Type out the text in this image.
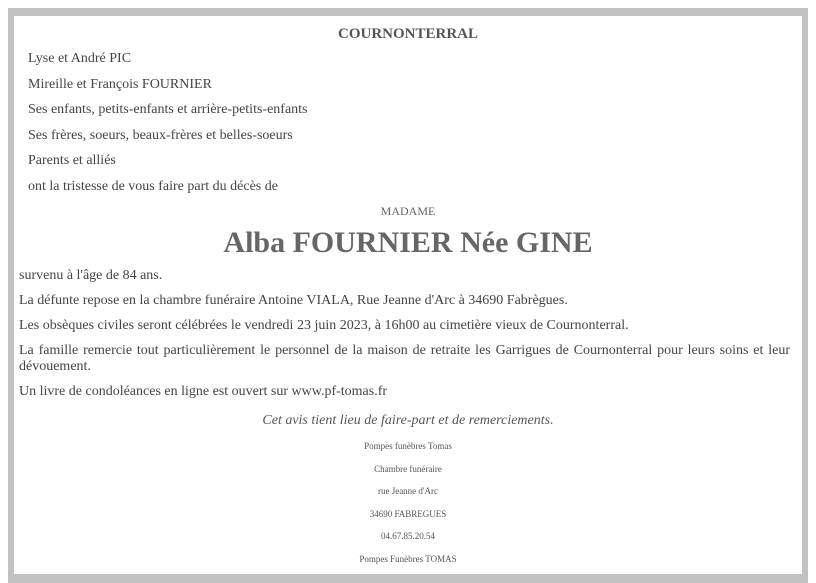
COURNONTERRAL
Lyse et André PIC
Mireille et François FOURNIER
Ses enfants, petits-enfants et arrière-petits-enfants
Ses frères, soeurs, beaux-frères et belles-soeurs
Parents et alliés
ont la tristesse de vous faire part du décès de
MADAME
Alba FOURNIER Née GINE

survenu à l'âge de 84 ans.

La défunte repose en la chambre funéraire Antoine VIALA, Rue Jeanne d'Arc à 34690 Fabrègues.

Les obsèques civiles seront célébrées le vendredi 23 juin 2023, à 16h00 au cimetière vieux de Cournonterral.

La famille remercie tout particulièrement le personnel de la maison de retraite les Garrigues de Cournonterral pour leurs soins et leur dévouement.

Un livre de condoléances en ligne est ouvert sur www.pf-tomas.fr

Cet avis tient lieu de faire-part et de remerciements.
Pompes funèbres Tomas
Chambre funéraire
rue Jeanne d'Arc
34690 FABREGUES
04.67.85.20.54
Pompes Funèbres TOMAS
